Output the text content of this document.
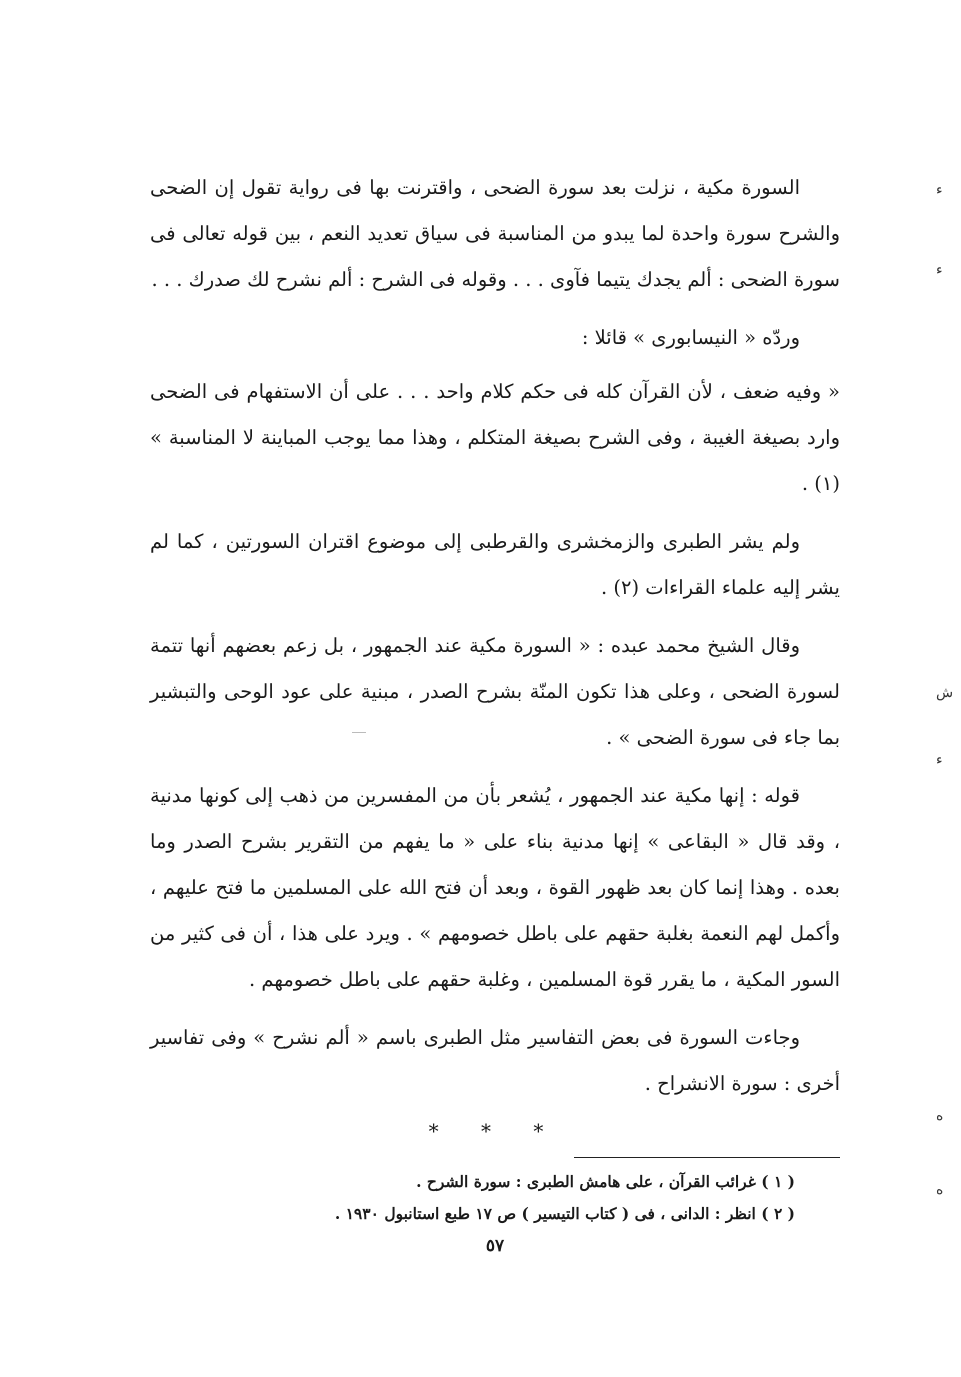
السورة مكية ، نزلت بعد سورة الضحى ، واقترنت بها فى رواية تقول إن الضحى والشرح سورة واحدة لما يبدو من المناسبة فى سياق تعديد النعم ، بين قوله تعالى فى سورة الضحى : ألم يجدك يتيما فآوى . . . وقوله فى الشرح : ألم نشرح لك صدرك . . .

وردّه « النيسابورى » قائلا :

« وفيه ضعف ، لأن القرآن كله فى حكم كلام واحد . . . على أن الاستفهام فى الضحى وارد بصيغة الغيبة ، وفى الشرح بصيغة المتكلم ، وهذا مما يوجب المباينة لا المناسبة » (١) .

ولم يشر الطبرى والزمخشرى والقرطبى إلى موضوع اقتران السورتين ، كما لم يشر إليه علماء القراءات (٢) .

وقال الشيخ محمد عبده : « السورة مكية عند الجمهور ، بل زعم بعضهم أنها تتمة لسورة الضحى ، وعلى هذا تكون المنّة بشرح الصدر ، مبنية على عود الوحى والتبشير بما جاء فى سورة الضحى » .

قوله : إنها مكية عند الجمهور ، يُشعر بأن من المفسرين من ذهب إلى كونها مدنية ، وقد قال « البقاعى » إنها مدنية بناء على « ما يفهم من التقرير بشرح الصدر وما بعده . وهذا إنما كان بعد ظهور القوة ، وبعد أن فتح الله على المسلمين ما فتح عليهم ، وأكمل لهم النعمة بغلبة حقهم على باطل خصومهم » . ويرد على هذا ، أن فى كثير من السور المكية ، ما يقرر قوة المسلمين ، وغلبة حقهم على باطل خصومهم .

وجاءت السورة فى بعض التفاسير مثل الطبرى باسم « ألم نشرح » وفى تفاسير أخرى : سورة الانشراح .

* * *
( ١ ) غرائب القرآن ، على هامش الطبرى : سورة الشرح .
( ٢ ) انظر : الدانى ، فى ( كتاب التيسير ) ص ١٧ طبع استانبول ١٩٣٠ .
٥٧
ء
ء
ش
ء
ه
ه
